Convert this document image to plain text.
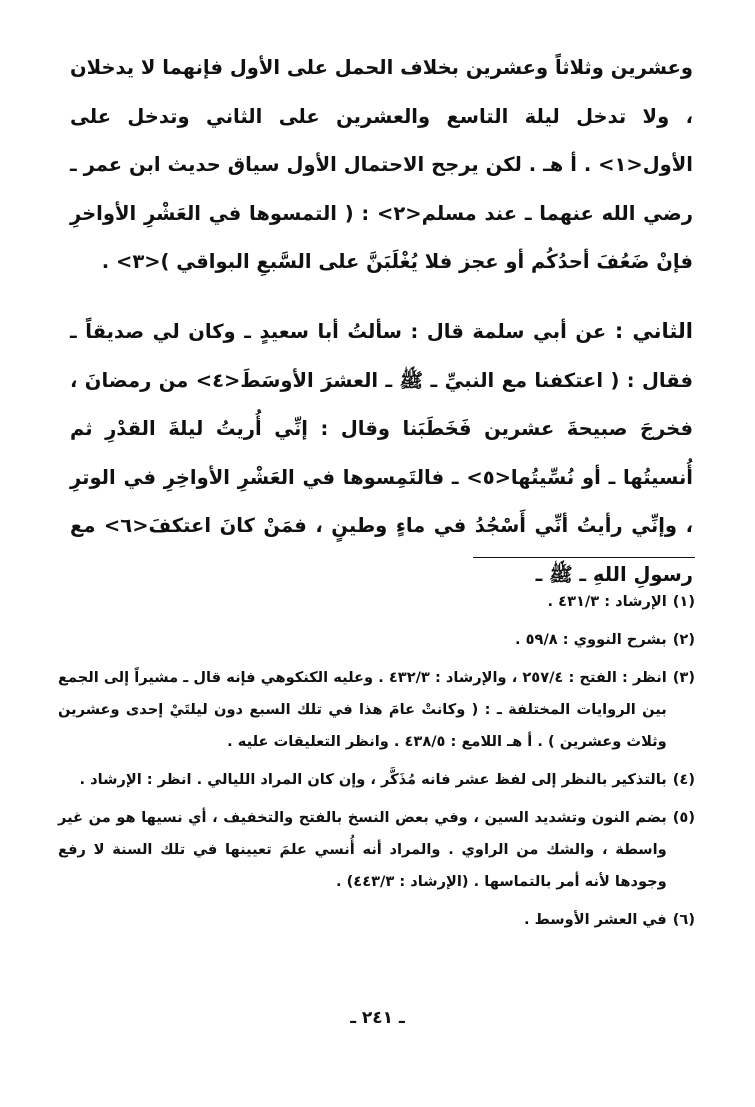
وعشرين وثلاثاً وعشرين بخلاف الحمل على الأول فإنهما لا يدخلان ، ولا تدخل ليلة التاسع والعشرين على الثاني وتدخل على الأول<١> . أ هـ . لكن يرجح الاحتمال الأول سياق حديث ابن عمر ـ رضي الله عنهما ـ عند مسلم<٢> : ( التمسوها في العَشْرِ الأواخرِ فإنْ ضَعُفَ أحدُكُم أو عجز فلا يُغْلَبَنَّ على السَّبعِ البواقي )<٣> .

الثاني : عن أبي سلمة قال : سألتُ أبا سعيدٍ ـ وكان لي صديقاً ـ فقال : ( اعتكفنا مع النبيِّ ـ ﷺ ـ العشرَ الأوسَطَ<٤> من رمضانَ ، فخرجَ صبيحةَ عشرين فَخَطَبَنا وقال : إنِّي أُريتُ ليلةَ القدْرِ ثم أُنسيتُها ـ أو نُسِّيتُها<٥> ـ فالتَمِسوها في العَشْرِ الأواخِرِ في الوترِ ، وإنِّي رأيتُ أنِّي أَسْجُدُ في ماءٍ وطينٍ ، فمَنْ كانَ اعتكفَ<٦> مع رسولِ اللهِ ـ ﷺ ـ

(١)
الإرشاد : ٤٣١/٣ .
(٢)
بشرح النووي : ٥٩/٨ .
(٣)
انظر : الفتح : ٢٥٧/٤ ، والإرشاد : ٤٣٢/٣ . وعليه الكنكوهي فإنه قال ـ مشيراً إلى الجمع بين الروايات المختلفة ـ : ( وكانتْ عامَ هذا في تلك السبع دون ليلتَيْ إحدى وعشرين وثلاث وعشرين ) . أ هـ اللامع : ٤٣٨/٥ . وانظر التعليقات عليه .
(٤)
بالتذكير بالنظر إلى لفظ عشر فانه مُذَكَّر ، وإن كان المراد الليالي . انظر : الإرشاد .
(٥)
بضم النون وتشديد السين ، وفي بعض النسخ بالفتح والتخفيف ، أي نسيها هو من غير واسطة ، والشك من الراوي . والمراد أنه أُنسي علمَ تعيينها في تلك السنة لا رفع وجودها لأنه أمر بالتماسها . (الإرشاد : ٤٤٣/٣) .
(٦)
في العشر الأوسط .
ـ ٢٤١ ـ
